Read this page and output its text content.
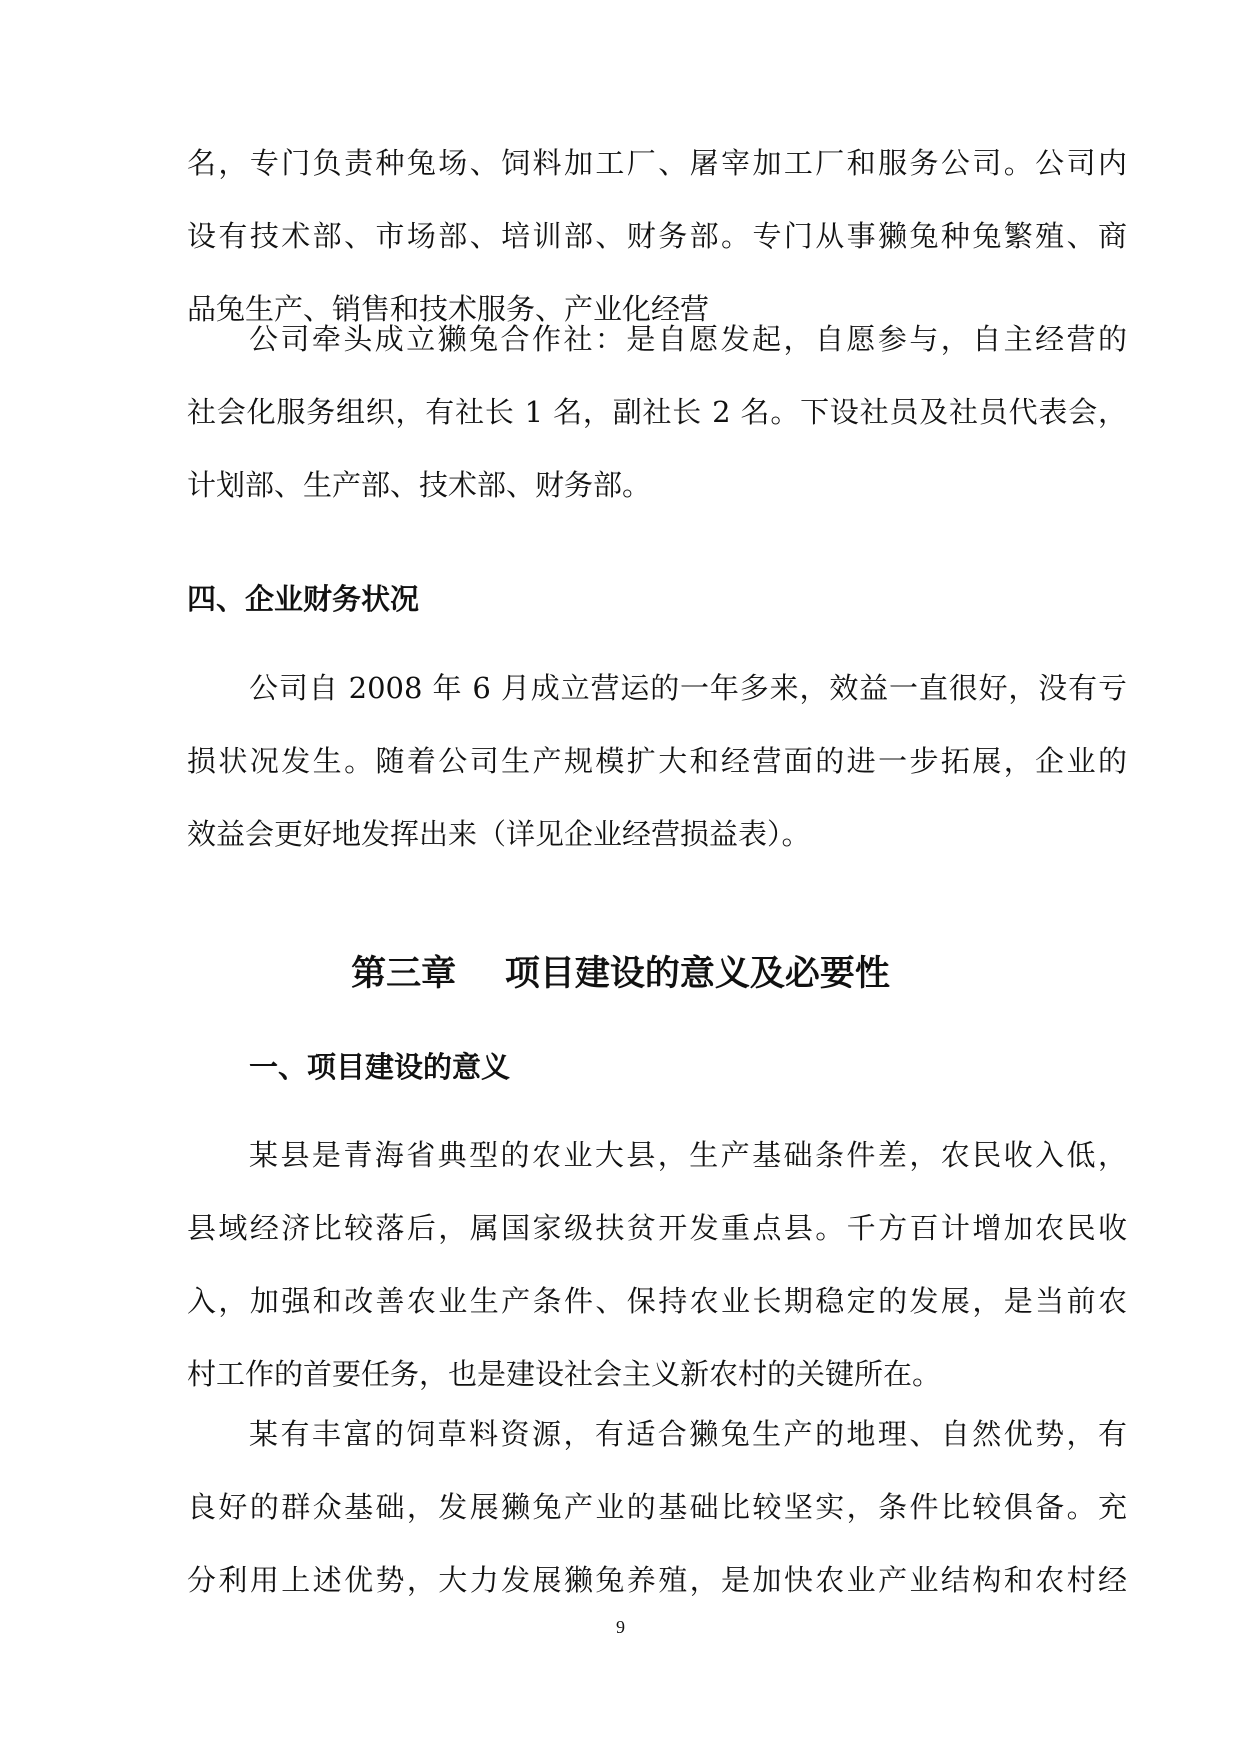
名，专门负责种兔场、饲料加工厂、屠宰加工厂和服务公司。公司内
设有技术部、市场部、培训部、财务部。专门从事獭兔种兔繁殖、商
品兔生产、销售和技术服务、产业化经营
公司牵头成立獭兔合作社：是自愿发起，自愿参与，自主经营的
社会化服务组织，有社长 1 名，副社长 2 名。下设社员及社员代表会，
计划部、生产部、技术部、财务部。
四、企业财务状况
公司自 2008 年 6 月成立营运的一年多来，效益一直很好，没有亏
损状况发生。随着公司生产规模扩大和经营面的进一步拓展，企业的
效益会更好地发挥出来（详见企业经营损益表）。
第三章    项目建设的意义及必要性
一、项目建设的意义
某县是青海省典型的农业大县，生产基础条件差，农民收入低，
县域经济比较落后，属国家级扶贫开发重点县。千方百计增加农民收
入，加强和改善农业生产条件、保持农业长期稳定的发展，是当前农
村工作的首要任务，也是建设社会主义新农村的关键所在。
某有丰富的饲草料资源，有适合獭兔生产的地理、自然优势，有
良好的群众基础，发展獭兔产业的基础比较坚实，条件比较俱备。充
分利用上述优势，大力发展獭兔养殖，是加快农业产业结构和农村经
9
